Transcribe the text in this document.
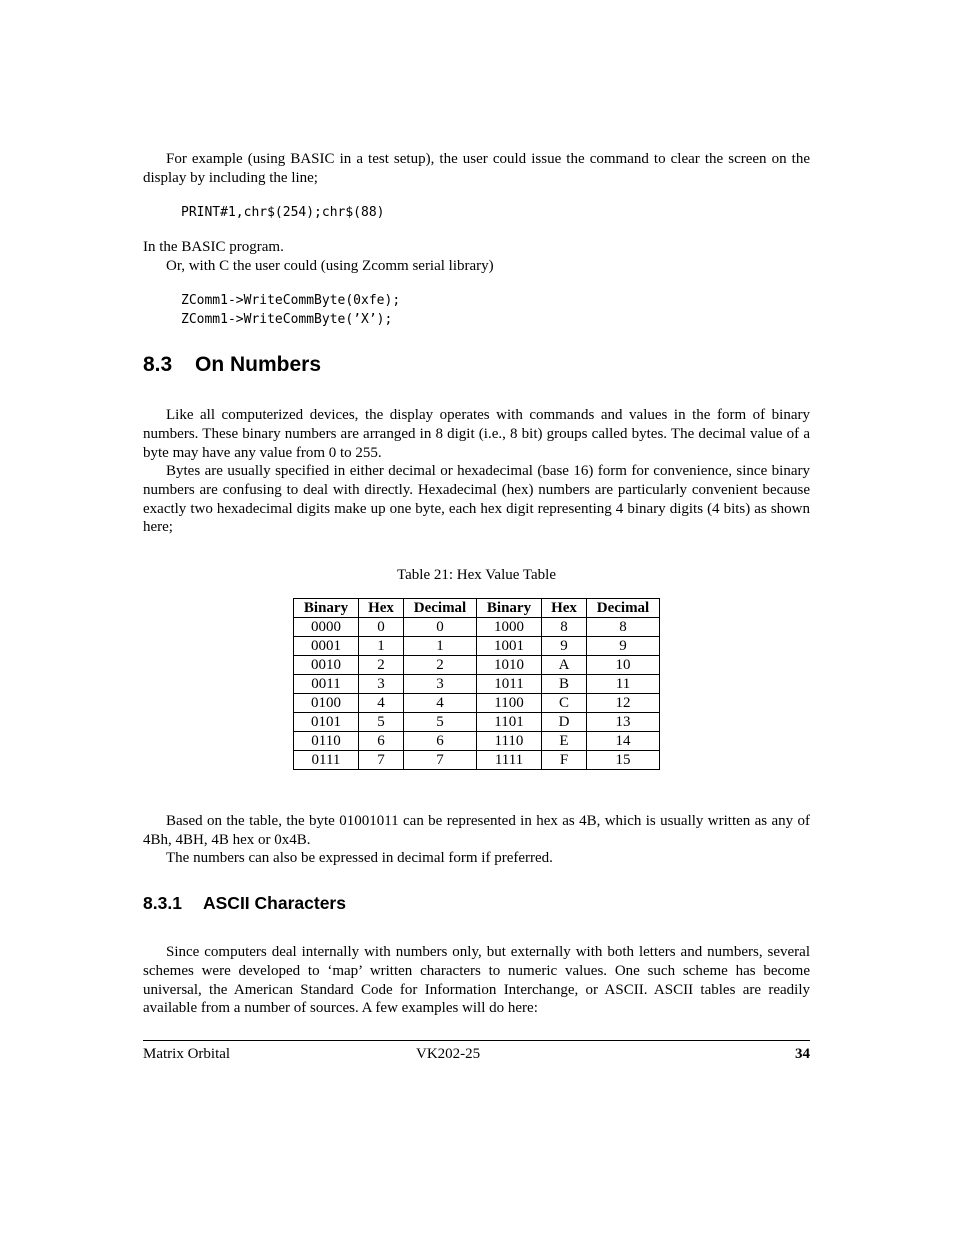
For example (using BASIC in a test setup), the user could issue the command to clear the screen on the display by including the line;

PRINT#1,chr$(254);chr$(88)

In the BASIC program.

Or, with C the user could (using Zcomm serial library)

ZComm1->WriteCommByte(0xfe);
ZComm1->WriteCommByte(’X’);
8.3 On Numbers

Like all computerized devices, the display operates with commands and values in the form of binary numbers. These binary numbers are arranged in 8 digit (i.e., 8 bit) groups called bytes. The decimal value of a byte may have any value from 0 to 255.

Bytes are usually specified in either decimal or hexadecimal (base 16) form for convenience, since binary numbers are confusing to deal with directly. Hexadecimal (hex) numbers are particularly convenient because exactly two hexadecimal digits make up one byte, each hex digit representing 4 binary digits (4 bits) as shown here;

Table 21: Hex Value Table
Binary	Hex	Decimal	Binary	Hex	Decimal
0000	0	0	1000	8	8
0001	1	1	1001	9	9
0010	2	2	1010	A	10
0011	3	3	1011	B	11
0100	4	4	1100	C	12
0101	5	5	1101	D	13
0110	6	6	1110	E	14
0111	7	7	1111	F	15

Based on the table, the byte 01001011 can be represented in hex as 4B, which is usually written as any of 4Bh, 4BH, 4B hex or 0x4B.

The numbers can also be expressed in decimal form if preferred.

8.3.1 ASCII Characters

Since computers deal internally with numbers only, but externally with both letters and numbers, several schemes were developed to ‘map’ written characters to numeric values. One such scheme has become universal, the American Standard Code for Information Interchange, or ASCII. ASCII tables are readily available from a number of sources. A few examples will do here:

Matrix Orbital	VK202-25	34
